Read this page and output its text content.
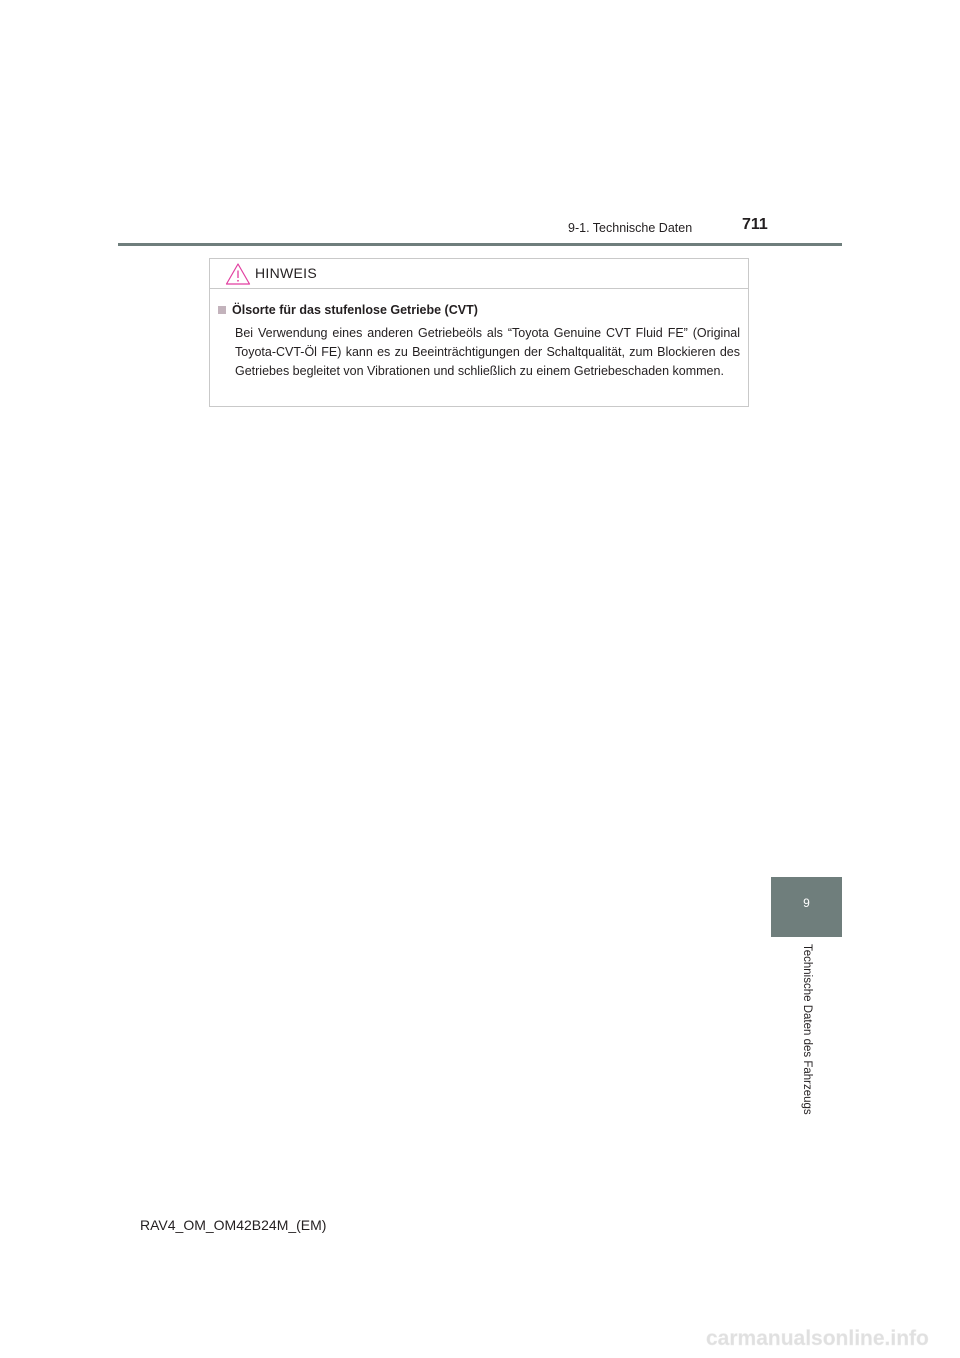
9-1. Technische Daten	711
HINWEIS
Ölsorte für das stufenlose Getriebe (CVT)

Bei Verwendung eines anderen Getriebeöls als “Toyota Genuine CVT Fluid FE” (Original Toyota-CVT-Öl FE) kann es zu Beeinträchtigungen der Schaltqualität, zum Blockieren des Getriebes begleitet von Vibrationen und schließlich zu einem Getriebeschaden kommen.

9
Technische Daten des Fahrzeugs
RAV4_OM_OM42B24M_(EM)
carmanualsonline.info
